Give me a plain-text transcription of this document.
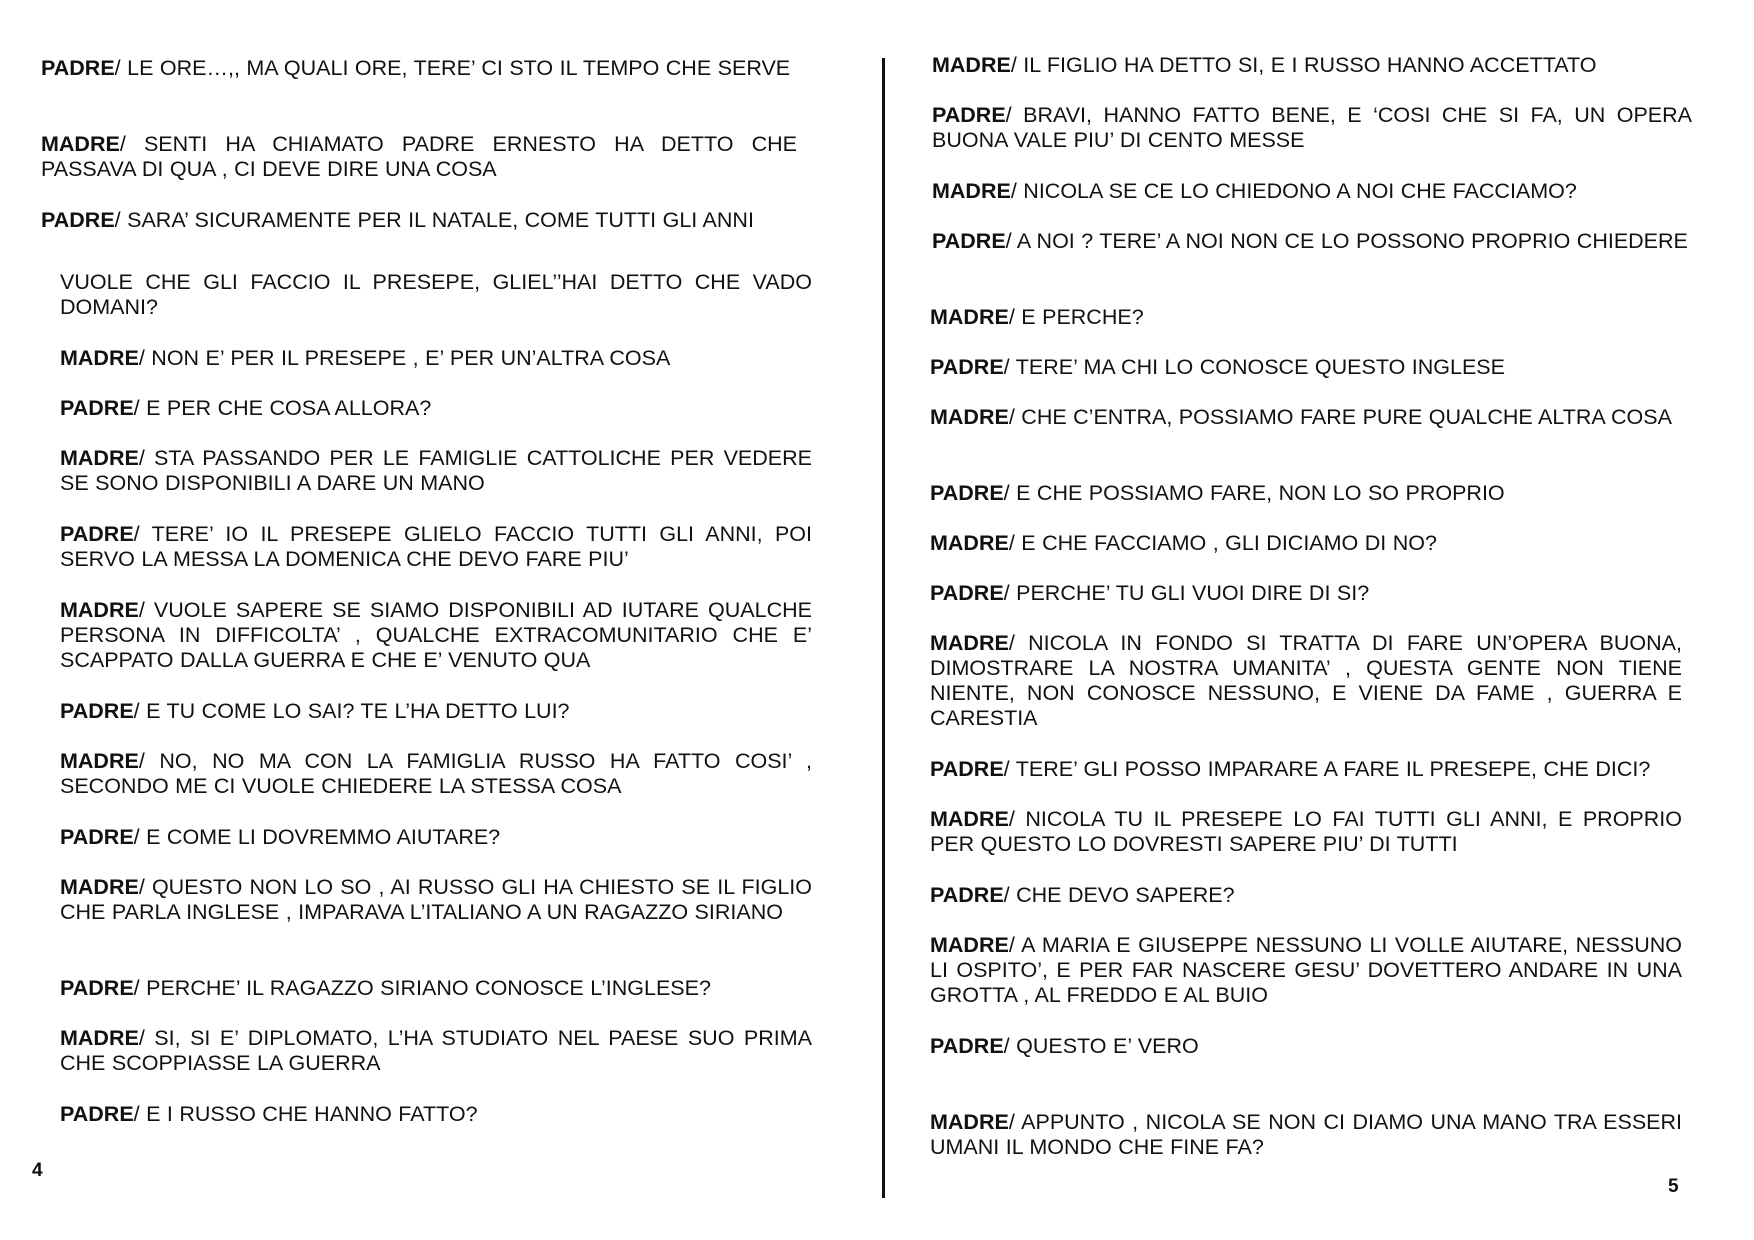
PADRE/ LE ORE…,, MA QUALI ORE, TERE’ CI STO IL TEMPO CHE SERVE

MADRE/ SENTI HA CHIAMATO PADRE ERNESTO HA DETTO CHE PASSAVA DI QUA , CI DEVE DIRE UNA COSA

PADRE/ SARA’ SICURAMENTE PER IL NATALE, COME TUTTI GLI ANNI

VUOLE CHE GLI FACCIO IL PRESEPE, GLIEL’’HAI DETTO CHE VADO DOMANI?

MADRE/ NON E’ PER IL PRESEPE , E’ PER UN’ALTRA COSA

PADRE/ E PER CHE COSA ALLORA?

MADRE/ STA PASSANDO PER LE FAMIGLIE CATTOLICHE PER VEDERE SE SONO DISPONIBILI A DARE UN MANO

PADRE/ TERE’ IO IL PRESEPE GLIELO FACCIO TUTTI GLI ANNI, POI SERVO LA MESSA LA DOMENICA CHE DEVO FARE PIU’

MADRE/ VUOLE SAPERE SE SIAMO DISPONIBILI AD IUTARE QUALCHE PERSONA IN DIFFICOLTA’ , QUALCHE EXTRACOMUNITARIO CHE E’ SCAPPATO DALLA GUERRA E CHE E’ VENUTO QUA

PADRE/ E TU COME LO SAI? TE L’HA DETTO LUI?

MADRE/ NO, NO MA CON LA FAMIGLIA RUSSO HA FATTO COSI’ , SECONDO ME CI VUOLE CHIEDERE LA STESSA COSA

PADRE/ E COME LI DOVREMMO AIUTARE?

MADRE/ QUESTO NON LO SO , AI RUSSO GLI HA CHIESTO SE IL FIGLIO CHE PARLA INGLESE , IMPARAVA L’ITALIANO A UN RAGAZZO SIRIANO

PADRE/ PERCHE’ IL RAGAZZO SIRIANO CONOSCE L’INGLESE?

MADRE/ SI, SI E’ DIPLOMATO, L’HA STUDIATO NEL PAESE SUO PRIMA CHE SCOPPIASSE LA GUERRA

PADRE/ E I RUSSO CHE HANNO FATTO?

4

MADRE/ IL FIGLIO HA DETTO SI, E I RUSSO HANNO ACCETTATO

PADRE/ BRAVI, HANNO FATTO BENE, E ‘COSI CHE SI FA, UN OPERA BUONA VALE PIU’ DI CENTO MESSE

MADRE/ NICOLA SE CE LO CHIEDONO A NOI CHE FACCIAMO?

PADRE/ A NOI ? TERE’ A NOI NON CE LO POSSONO PROPRIO CHIEDERE

MADRE/ E PERCHE?

PADRE/ TERE’ MA CHI LO CONOSCE QUESTO INGLESE

MADRE/ CHE C’ENTRA, POSSIAMO FARE PURE QUALCHE ALTRA COSA

PADRE/ E CHE POSSIAMO FARE, NON LO SO PROPRIO

MADRE/ E CHE FACCIAMO , GLI DICIAMO DI NO?

PADRE/ PERCHE’ TU GLI VUOI DIRE DI SI?

MADRE/ NICOLA IN FONDO SI TRATTA DI FARE UN’OPERA BUONA, DIMOSTRARE LA NOSTRA UMANITA’ , QUESTA GENTE NON TIENE NIENTE, NON CONOSCE NESSUNO, E VIENE DA FAME , GUERRA E CARESTIA

PADRE/ TERE’ GLI POSSO IMPARARE A FARE IL PRESEPE, CHE DICI?

MADRE/ NICOLA TU IL PRESEPE LO FAI TUTTI GLI ANNI, E PROPRIO PER QUESTO LO DOVRESTI SAPERE PIU’ DI TUTTI

PADRE/ CHE DEVO SAPERE?

MADRE/ A MARIA E GIUSEPPE NESSUNO LI VOLLE AIUTARE, NESSUNO LI OSPITO’, E PER FAR NASCERE GESU’ DOVETTERO ANDARE IN UNA GROTTA , AL FREDDO E AL BUIO

PADRE/ QUESTO E’ VERO

MADRE/ APPUNTO , NICOLA SE NON CI DIAMO UNA MANO TRA ESSERI UMANI IL MONDO CHE FINE FA?

5
